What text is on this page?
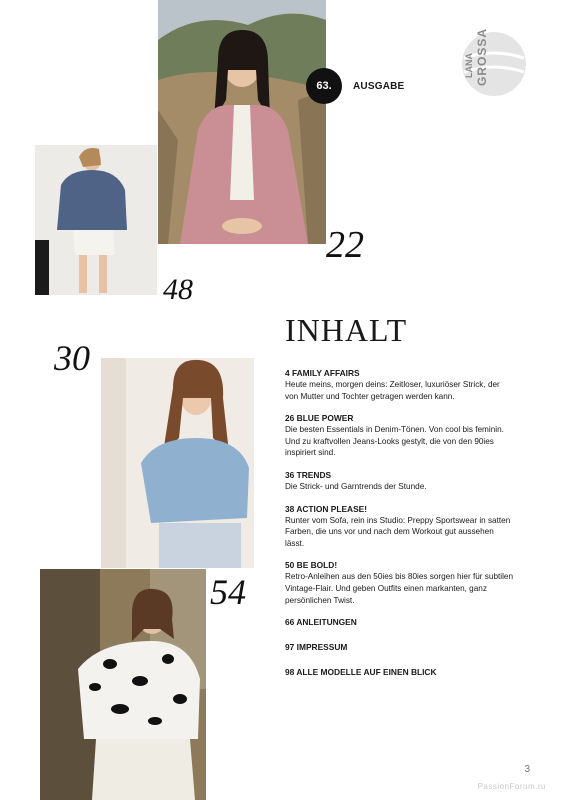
22
48
30
54
63.	AUSGABE
LANA GROSSA
INHALT
4 FAMILY AFFAIRS
Heute meins, morgen deins: Zeitloser, luxuriöser Strick, der von Mutter und Tochter getragen werden kann.
26 BLUE POWER
Die besten Essentials in Denim-Tönen. Von cool bis feminin. Und zu kraftvollen Jeans-Looks gestylt, die von den 90ies inspiriert sind.
36 TRENDS
Die Strick- und Garntrends der Stunde.
38 ACTION PLEASE!
Runter vom Sofa, rein ins Studio: Preppy Sportswear in satten Farben, die uns vor und nach dem Workout gut aussehen lässt.
50 BE BOLD!
Retro-Anleihen aus den 50ies bis 80ies sorgen hier für subtilen Vintage-Flair. Und geben Outfits einen markanten, ganz persönlichen Twist.
66 ANLEITUNGEN
97 IMPRESSUM
98 ALLE MODELLE AUF EINEN BLICK
3
PassionForum.ru
